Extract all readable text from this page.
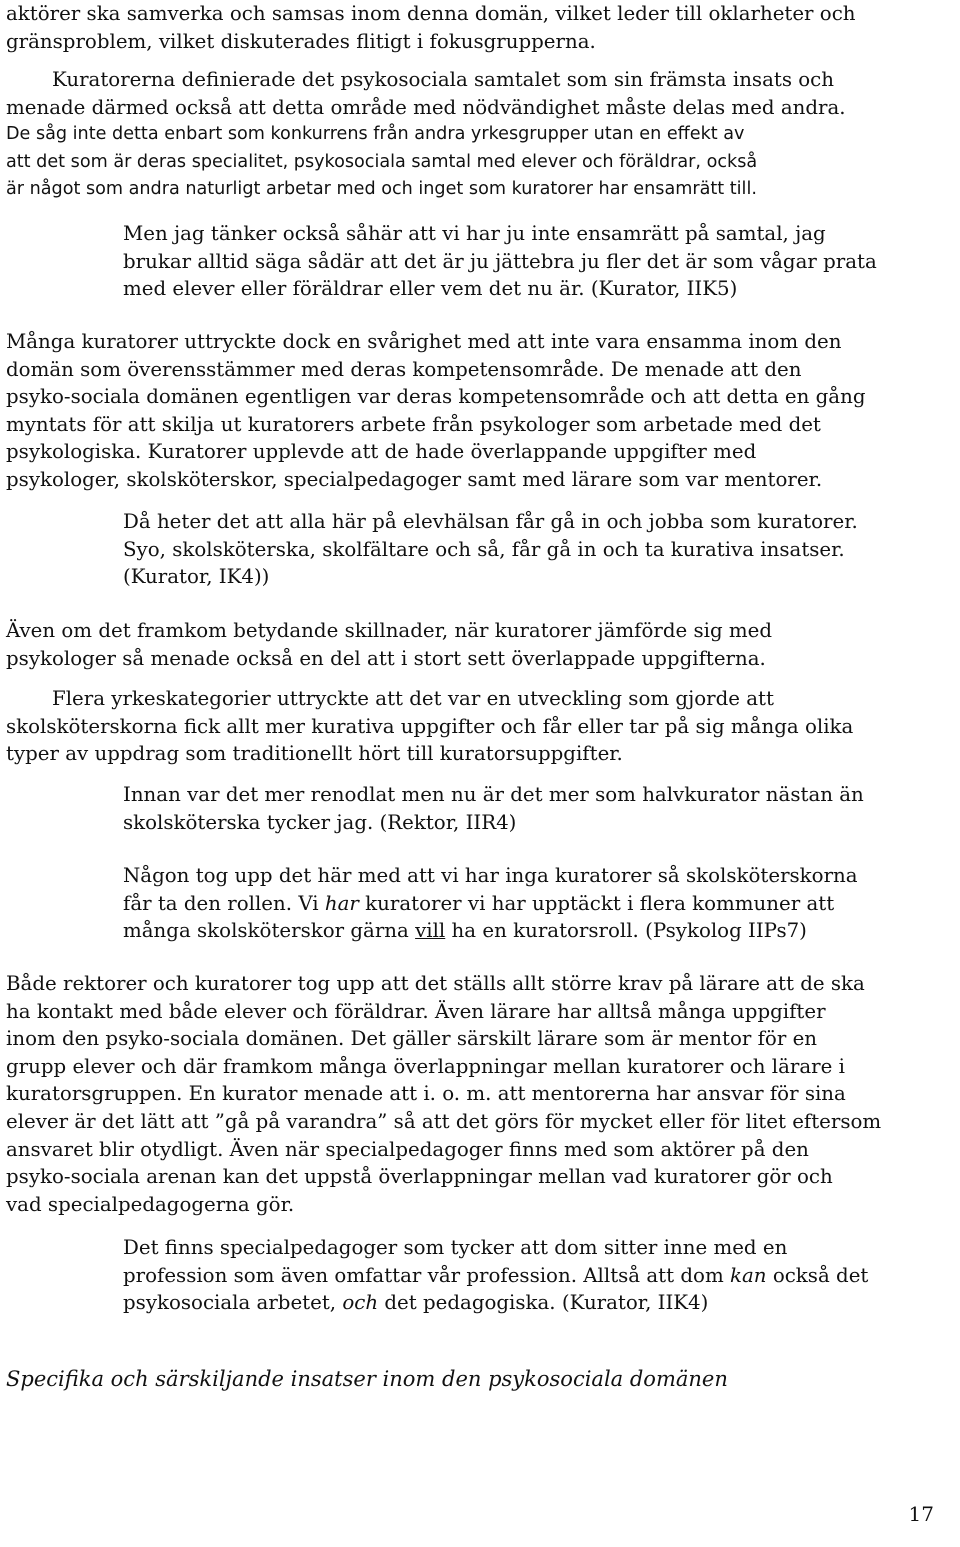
aktörer ska samverka och samsas inom denna domän, vilket leder till oklarheter och
gränsproblem, vilket diskuterades flitigt i fokusgrupperna.

Kuratorerna definierade det psykosociala samtalet som sin främsta insats och
menade därmed också att detta område med nödvändighet måste delas med andra.
De såg inte detta enbart som konkurrens från andra yrkesgrupper utan en effekt av
att det som är deras specialitet, psykosociala samtal med elever och föräldrar, också
är något som andra naturligt arbetar med och inget som kuratorer har ensamrätt till.

Men jag tänker också såhär att vi har ju inte ensamrätt på samtal, jag
brukar alltid säga sådär att det är ju jättebra ju fler det är som vågar prata
med elever eller föräldrar eller vem det nu är. (Kurator, IIK5)

Många kuratorer uttryckte dock en svårighet med att inte vara ensamma inom den
domän som överensstämmer med deras kompetensområde. De menade att den
psyko-sociala domänen egentligen var deras kompetensområde och att detta en gång
myntats för att skilja ut kuratorers arbete från psykologer som arbetade med det
psykologiska. Kuratorer upplevde att de hade överlappande uppgifter med
psykologer, skolsköterskor, specialpedagoger samt med lärare som var mentorer.

Då heter det att alla här på elevhälsan får gå in och jobba som kuratorer.
Syo, skolsköterska, skolfältare och så, får gå in och ta kurativa insatser.
(Kurator, IK4))

Även om det framkom betydande skillnader, när kuratorer jämförde sig med
psykologer så menade också en del att i stort sett överlappade uppgifterna.

Flera yrkeskategorier uttryckte att det var en utveckling som gjorde att
skolsköterskorna fick allt mer kurativa uppgifter och får eller tar på sig många olika
typer av uppdrag som traditionellt hört till kuratorsuppgifter.

Innan var det mer renodlat men nu är det mer som halvkurator nästan än
skolsköterska tycker jag. (Rektor, IIR4)

Någon tog upp det här med att vi har inga kuratorer så skolsköterskorna
får ta den rollen. Vi har kuratorer vi har upptäckt i flera kommuner att
många skolsköterskor gärna vill ha en kuratorsroll. (Psykolog IIPs7)

Både rektorer och kuratorer tog upp att det ställs allt större krav på lärare att de ska
ha kontakt med både elever och föräldrar. Även lärare har alltså många uppgifter
inom den psyko-sociala domänen. Det gäller särskilt lärare som är mentor för en
grupp elever och där framkom många överlappningar mellan kuratorer och lärare i
kuratorsgruppen. En kurator menade att i. o. m. att mentorerna har ansvar för sina
elever är det lätt att ”gå på varandra” så att det görs för mycket eller för litet eftersom
ansvaret blir otydligt. Även när specialpedagoger finns med som aktörer på den
psyko-sociala arenan kan det uppstå överlappningar mellan vad kuratorer gör och
vad specialpedagogerna gör.

Det finns specialpedagoger som tycker att dom sitter inne med en
profession som även omfattar vår profession. Alltså att dom kan också det
psykosociala arbetet, och det pedagogiska. (Kurator, IIK4)

Specifika och särskiljande insatser inom den psykosociala domänen

17
